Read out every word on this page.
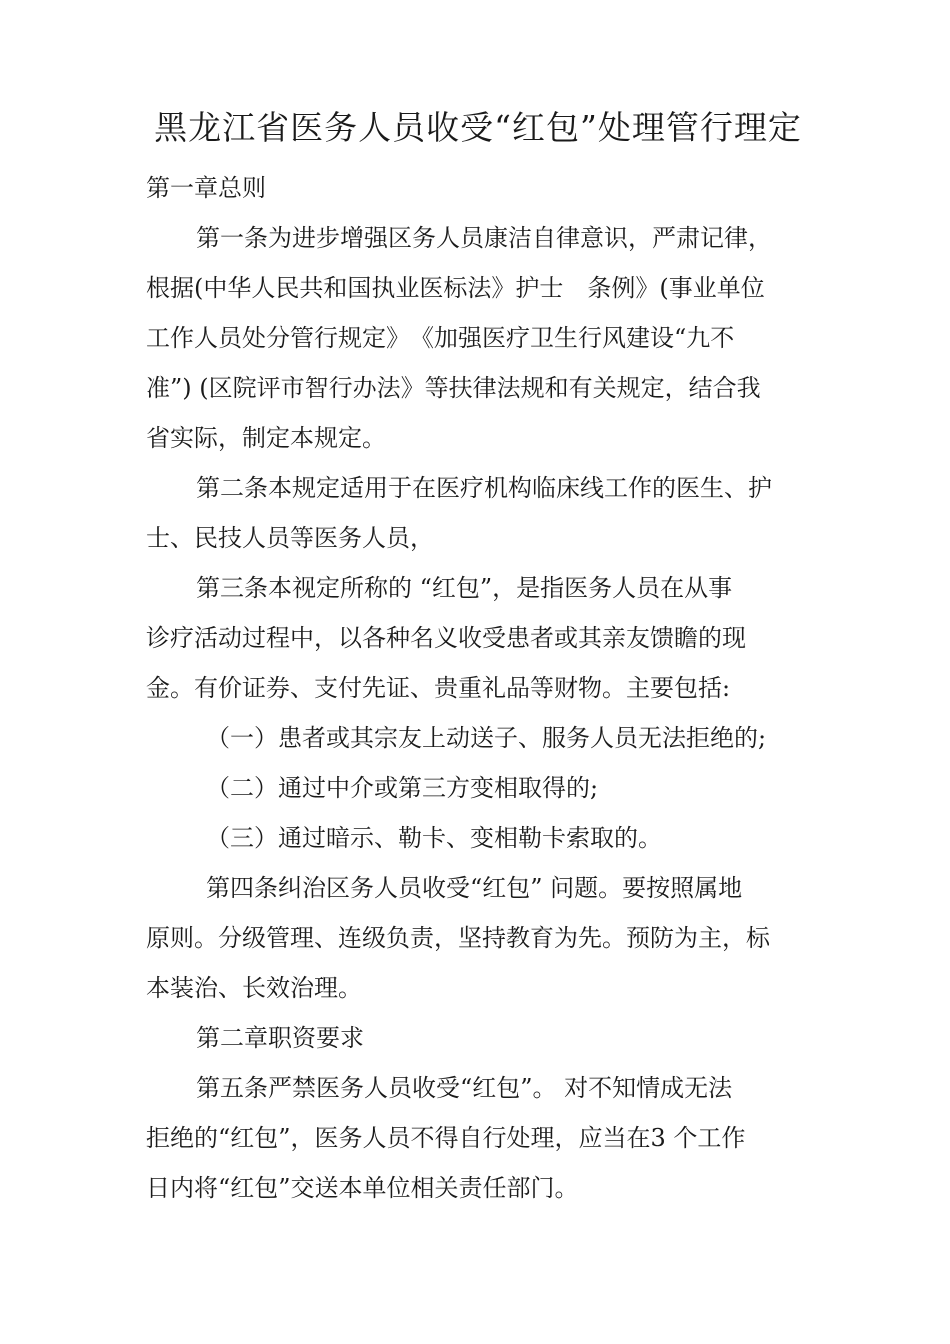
黑龙江省医务人员收受“红包”处理管行理定
第一章总则
第一条为进步增强区务人员康洁自律意识，严肃记律，
根据(中华人民共和国执业医标法》护士　条例》(事业单位
工作人员处分管行规定》　《加强医疗卫生行风建设“九不
准”) (区院评市智行办法》等扶律法规和有关规定，结合我
省实际，制定本规定。
第二条本规定适用于在医疗机构临床线工作的医生、护
士、民技人员等医务人员，
第三条本视定所称的 “红包”，是指医务人员在从事
诊疗活动过程中，以各种名义收受患者或其亲友馈瞻的现
金。有价证券、支付先证、贵重礼品等财物。主要包括:
（一）患者或其宗友上动送子、服务人员无法拒绝的;
（二）通过中介或第三方变相取得的;
（三）通过暗示、勒卡、变相勒卡索取的。
第四条纠治区务人员收受“红包” 问题。要按照属地
原则。分级管理、连级负责，坚持教育为先。预防为主，标
本装治、长效治理。
第二章职资要求
第五条严禁医务人员收受“红包”。 对不知情成无法
拒绝的“红包”，医务人员不得自行处理，应当在3 个工作
日内将“红包”交送本单位相关责任部门。
